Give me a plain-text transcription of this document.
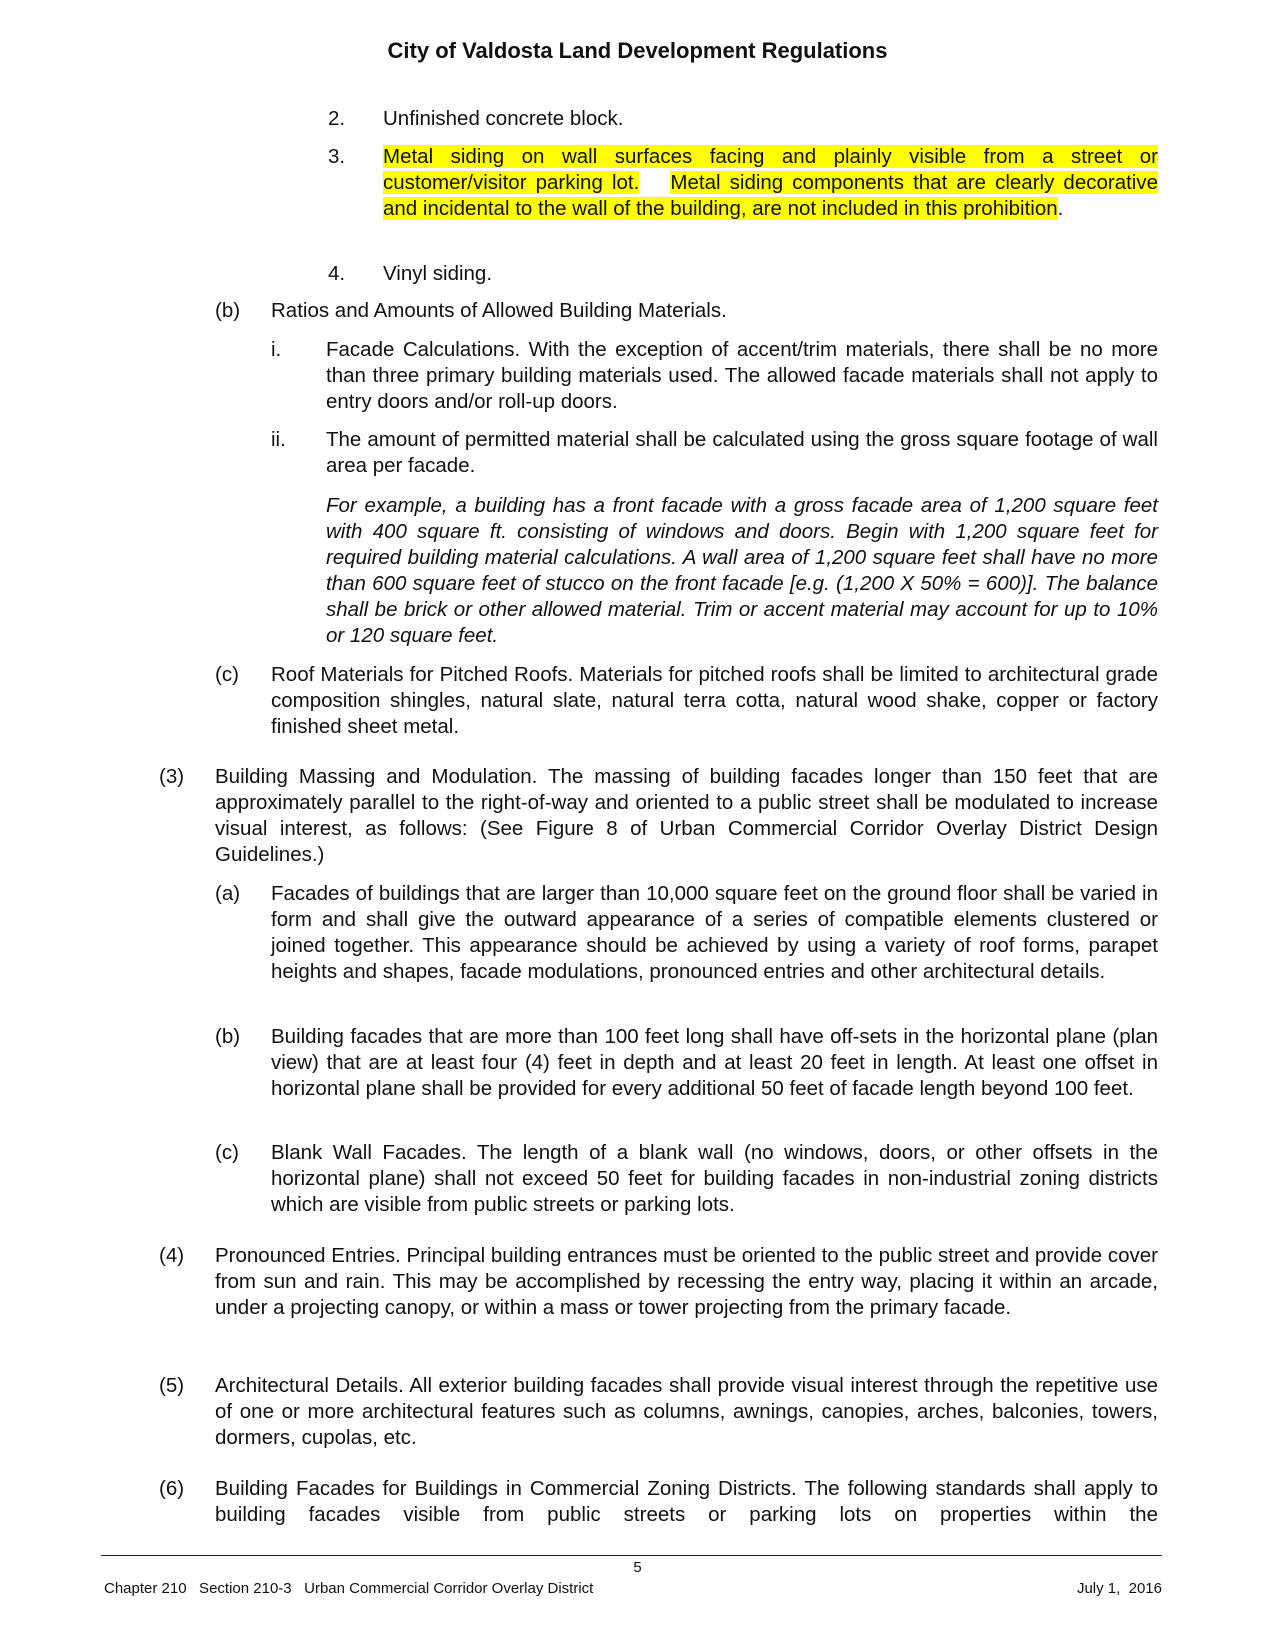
City of Valdosta Land Development Regulations
2. Unfinished concrete block.
3. Metal siding on wall surfaces facing and plainly visible from a street or customer/visitor parking lot. Metal siding components that are clearly decorative and incidental to the wall of the building, are not included in this prohibition.
4. Vinyl siding.
(b) Ratios and Amounts of Allowed Building Materials.
i. Facade Calculations. With the exception of accent/trim materials, there shall be no more than three primary building materials used. The allowed facade materials shall not apply to entry doors and/or roll-up doors.
ii. The amount of permitted material shall be calculated using the gross square footage of wall area per facade.
For example, a building has a front facade with a gross facade area of 1,200 square feet with 400 square ft. consisting of windows and doors. Begin with 1,200 square feet for required building material calculations. A wall area of 1,200 square feet shall have no more than 600 square feet of stucco on the front facade [e.g. (1,200 X 50% = 600)]. The balance shall be brick or other allowed material. Trim or accent material may account for up to 10% or 120 square feet.
(c) Roof Materials for Pitched Roofs. Materials for pitched roofs shall be limited to architectural grade composition shingles, natural slate, natural terra cotta, natural wood shake, copper or factory finished sheet metal.
(3) Building Massing and Modulation. The massing of building facades longer than 150 feet that are approximately parallel to the right-of-way and oriented to a public street shall be modulated to increase visual interest, as follows: (See Figure 8 of Urban Commercial Corridor Overlay District Design Guidelines.)
(a) Facades of buildings that are larger than 10,000 square feet on the ground floor shall be varied in form and shall give the outward appearance of a series of compatible elements clustered or joined together. This appearance should be achieved by using a variety of roof forms, parapet heights and shapes, facade modulations, pronounced entries and other architectural details.
(b) Building facades that are more than 100 feet long shall have off-sets in the horizontal plane (plan view) that are at least four (4) feet in depth and at least 20 feet in length. At least one offset in horizontal plane shall be provided for every additional 50 feet of facade length beyond 100 feet.
(c) Blank Wall Facades. The length of a blank wall (no windows, doors, or other offsets in the horizontal plane) shall not exceed 50 feet for building facades in non-industrial zoning districts which are visible from public streets or parking lots.
(4) Pronounced Entries. Principal building entrances must be oriented to the public street and provide cover from sun and rain. This may be accomplished by recessing the entry way, placing it within an arcade, under a projecting canopy, or within a mass or tower projecting from the primary facade.
(5) Architectural Details. All exterior building facades shall provide visual interest through the repetitive use of one or more architectural features such as columns, awnings, canopies, arches, balconies, towers, dormers, cupolas, etc.
(6) Building Facades for Buildings in Commercial Zoning Districts. The following standards shall apply to building facades visible from public streets or parking lots on properties within the
5
Chapter 210   Section 210-3   Urban Commercial Corridor Overlay District	July 1,  2016
